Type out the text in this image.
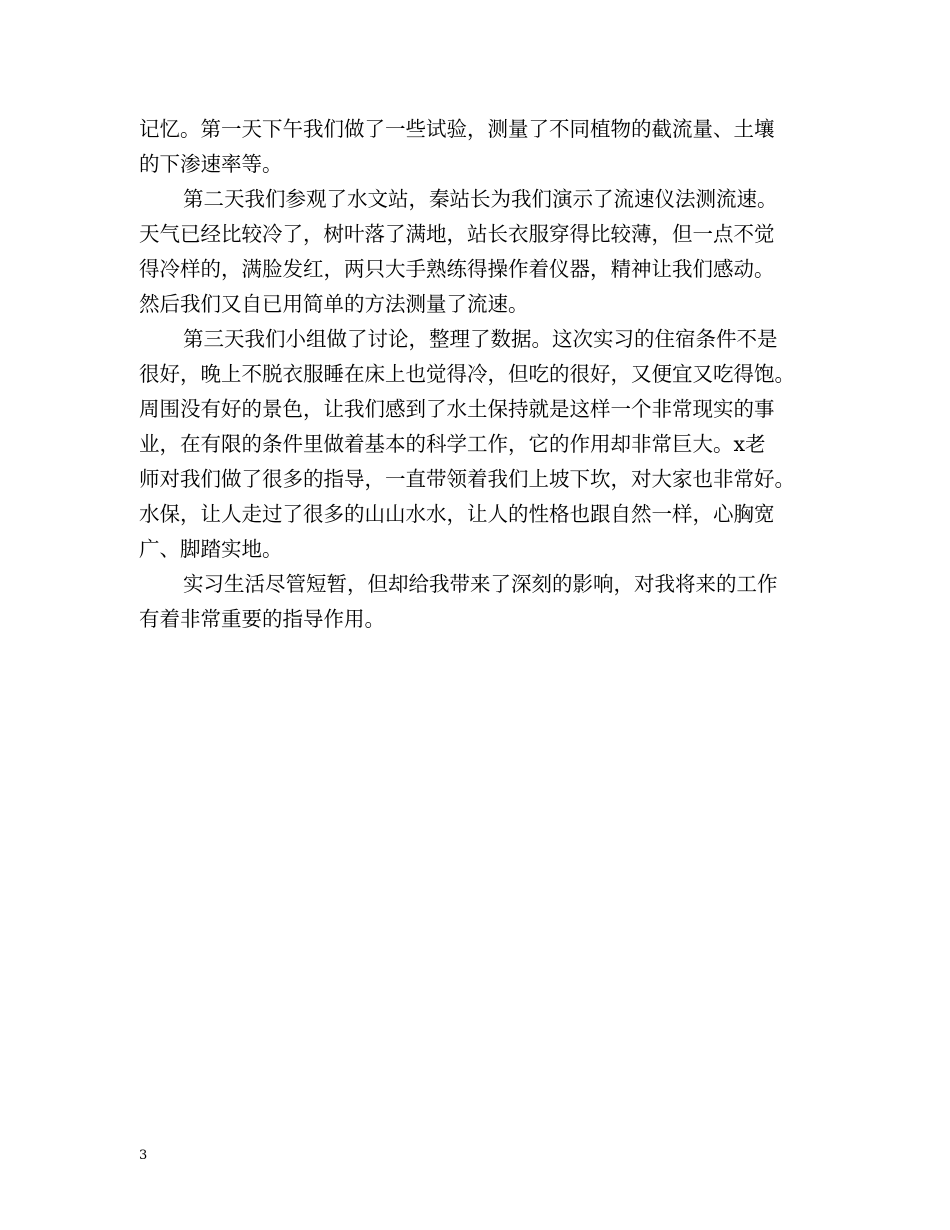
记忆。第一天下午我们做了一些试验，测量了不同植物的截流量、土壤
的下渗速率等。
第二天我们参观了水文站，秦站长为我们演示了流速仪法测流速。
天气已经比较冷了，树叶落了满地，站长衣服穿得比较薄，但一点不觉
得冷样的，满脸发红，两只大手熟练得操作着仪器，精神让我们感动。
然后我们又自已用简单的方法测量了流速。
第三天我们小组做了讨论，整理了数据。这次实习的住宿条件不是
很好，晚上不脱衣服睡在床上也觉得冷，但吃的很好，又便宜又吃得饱。
周围没有好的景色，让我们感到了水土保持就是这样一个非常现实的事
业，在有限的条件里做着基本的科学工作，它的作用却非常巨大。x老
师对我们做了很多的指导，一直带领着我们上坡下坎，对大家也非常好。
水保，让人走过了很多的山山水水，让人的性格也跟自然一样，心胸宽
广、脚踏实地。
实习生活尽管短暂，但却给我带来了深刻的影响，对我将来的工作
有着非常重要的指导作用。
3
